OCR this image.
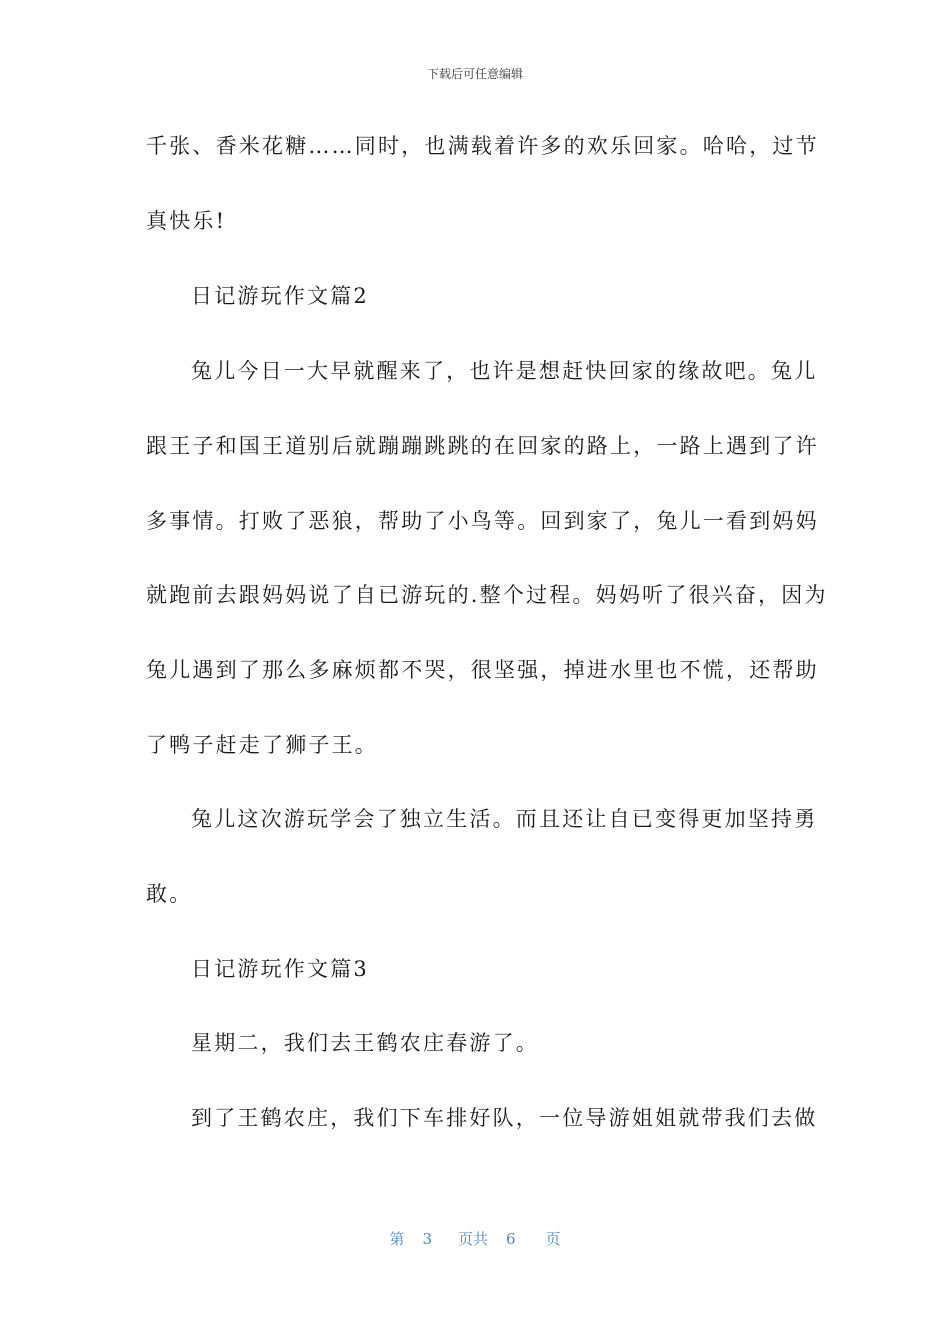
下载后可任意编辑
千张、香米花糖……同时，也满载着许多的欢乐回家。哈哈，过节
真快乐!
日记游玩作文篇2
兔儿今日一大早就醒来了，也许是想赶快回家的缘故吧。兔儿
跟王子和国王道别后就蹦蹦跳跳的在回家的路上，一路上遇到了许
多事情。打败了恶狼，帮助了小鸟等。回到家了，兔儿一看到妈妈
就跑前去跟妈妈说了自已游玩的.整个过程。妈妈听了很兴奋，因为
兔儿遇到了那么多麻烦都不哭，很坚强，掉进水里也不慌，还帮助
了鸭子赶走了狮子王。
兔儿这次游玩学会了独立生活。而且还让自已变得更加坚持勇
敢。
日记游玩作文篇3
星期二，我们去王鹤农庄春游了。
到了王鹤农庄，我们下车排好队，一位导游姐姐就带我们去做
第 3 页共 6 页
